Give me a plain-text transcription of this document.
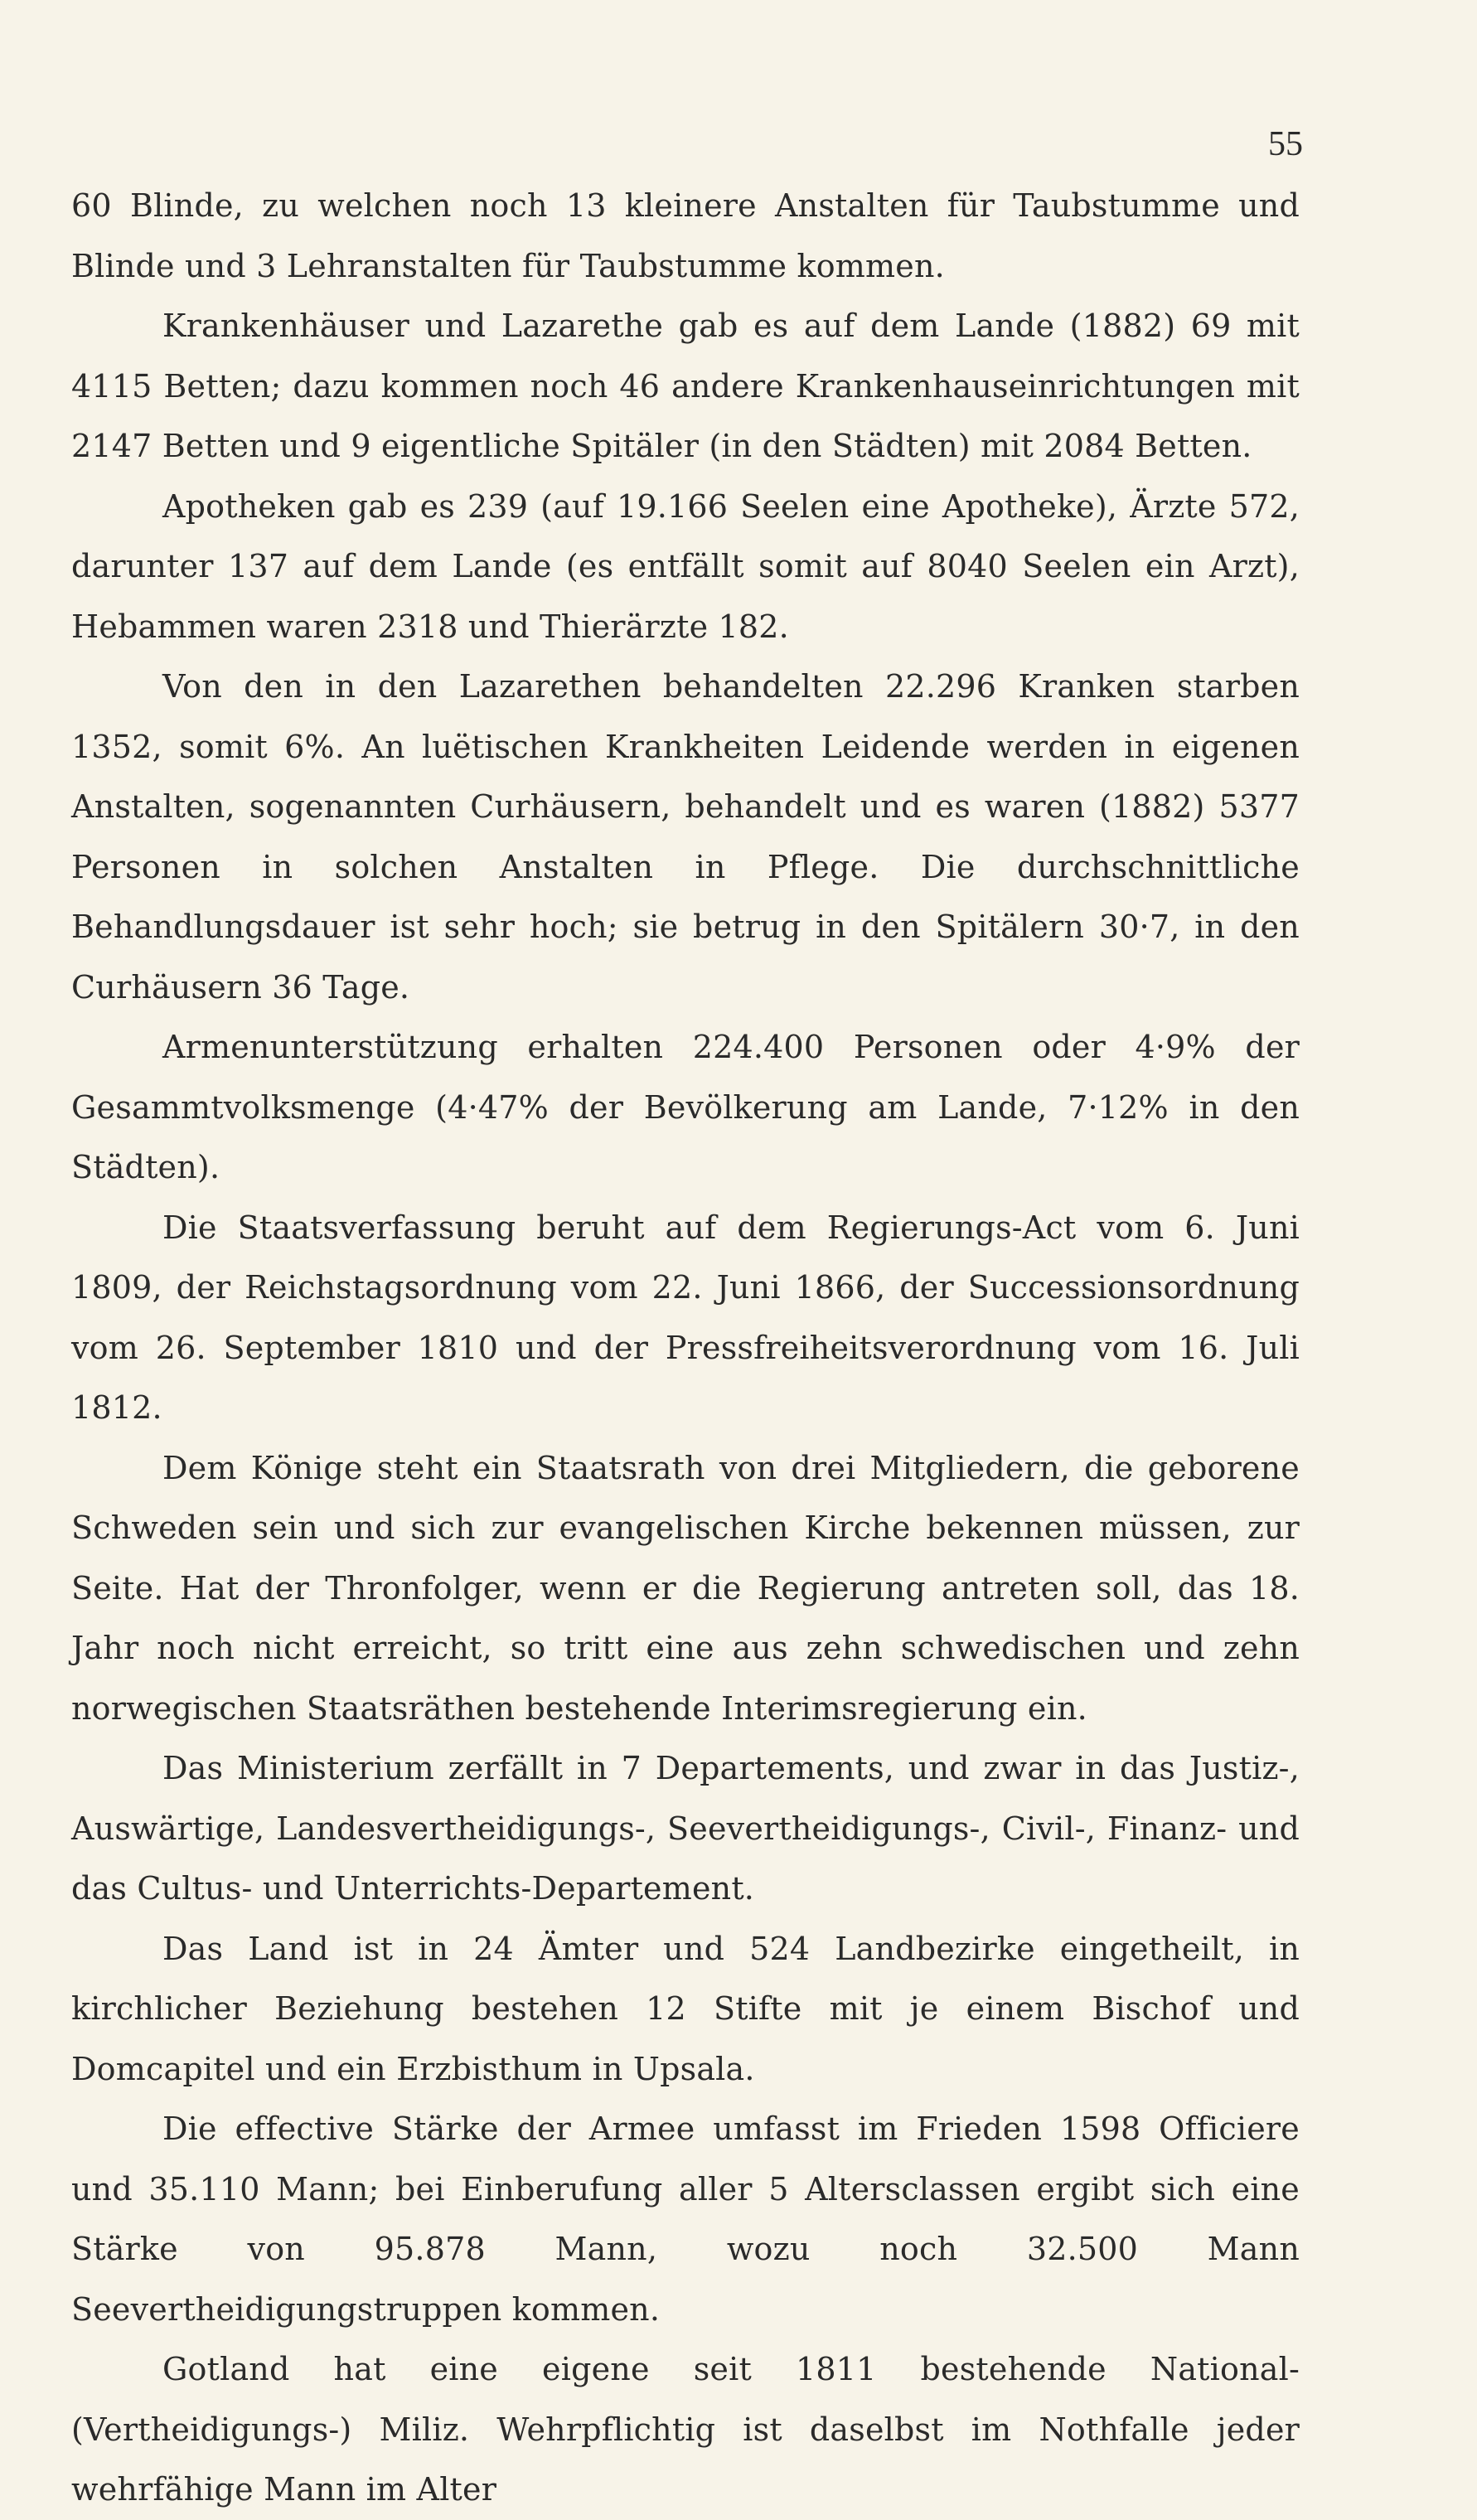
55

60 Blinde, zu welchen noch 13 kleinere Anstalten für Taubstumme und Blinde und 3 Lehranstalten für Taubstumme kommen.

Krankenhäuser und Lazarethe gab es auf dem Lande (1882) 69 mit 4115 Betten; dazu kommen noch 46 andere Krankenhauseinrichtungen mit 2147 Betten und 9 eigentliche Spitäler (in den Städten) mit 2084 Betten.

Apotheken gab es 239 (auf 19.166 Seelen eine Apotheke), Ärzte 572, darunter 137 auf dem Lande (es entfällt somit auf 8040 Seelen ein Arzt), Hebammen waren 2318 und Thierärzte 182.

Von den in den Lazarethen behandelten 22.296 Kranken starben 1352, somit 6%. An luëtischen Krankheiten Leidende werden in eigenen Anstalten, sogenannten Curhäusern, behandelt und es waren (1882) 5377 Personen in solchen Anstalten in Pflege. Die durchschnittliche Behandlungsdauer ist sehr hoch; sie betrug in den Spitälern 30·7, in den Curhäusern 36 Tage.

Armenunterstützung erhalten 224.400 Personen oder 4·9% der Gesammtvolksmenge (4·47% der Bevölkerung am Lande, 7·12% in den Städten).

Die Staatsverfassung beruht auf dem Regierungs-Act vom 6. Juni 1809, der Reichstagsordnung vom 22. Juni 1866, der Successionsordnung vom 26. September 1810 und der Pressfreiheitsverordnung vom 16. Juli 1812.

Dem Könige steht ein Staatsrath von drei Mitgliedern, die geborene Schweden sein und sich zur evangelischen Kirche bekennen müssen, zur Seite. Hat der Thronfolger, wenn er die Regierung antreten soll, das 18. Jahr noch nicht erreicht, so tritt eine aus zehn schwedischen und zehn norwegischen Staatsräthen bestehende Interimsregierung ein.

Das Ministerium zerfällt in 7 Departements, und zwar in das Justiz-, Auswärtige, Landesvertheidigungs-, Seevertheidigungs-, Civil-, Finanz- und das Cultus- und Unterrichts-Departement.

Das Land ist in 24 Ämter und 524 Landbezirke eingetheilt, in kirchlicher Beziehung bestehen 12 Stifte mit je einem Bischof und Domcapitel und ein Erzbisthum in Upsala.

Die effective Stärke der Armee umfasst im Frieden 1598 Officiere und 35.110 Mann; bei Einberufung aller 5 Altersclassen ergibt sich eine Stärke von 95.878 Mann, wozu noch 32.500 Mann Seevertheidigungstruppen kommen.

Gotland hat eine eigene seit 1811 bestehende National- (Vertheidigungs-) Miliz. Wehrpflichtig ist daselbst im Nothfalle jeder wehrfähige Mann im Alter
